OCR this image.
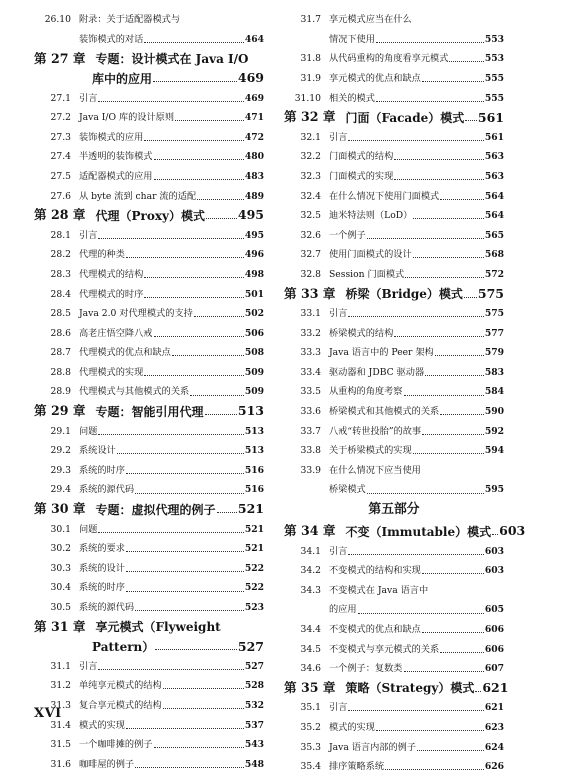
26.10 附录：关于适配器模式与
装饰模式的对话	464
第 27 章 专题：设计模式在 Java I/O
库中的应用	469
27.1 引言	469
27.2 Java I/O 库的设计原则	471
27.3 装饰模式的应用	472
27.4 半透明的装饰模式	480
27.5 适配器模式的应用	483
27.6 从 byte 流到 char 流的适配	489
第 28 章 代理（Proxy）模式	495
28.1 引言	495
28.2 代理的种类	496
28.3 代理模式的结构	498
28.4 代理模式的时序	501
28.5 Java 2.0 对代理模式的支持	502
28.6 高老庄悟空降八戒	506
28.7 代理模式的优点和缺点	508
28.8 代理模式的实现	509
28.9 代理模式与其他模式的关系	509
第 29 章 专题：智能引用代理	513
29.1 问题	513
29.2 系统设计	513
29.3 系统的时序	516
29.4 系统的源代码	516
第 30 章 专题：虚拟代理的例子 521
30.1 问题	521
30.2 系统的要求	521
30.3 系统的设计	522
30.4 系统的时序	522
30.5 系统的源代码	523
第 31 章 享元模式（Flyweight
Pattern）	527
31.1 引言	527
31.2 单纯享元模式的结构	528
31.3 复合享元模式的结构	532
31.4 模式的实现	537
31.5 一个咖啡摊的例子	543
31.6 咖啡屋的例子	548
31.7 享元模式应当在什么
情况下使用	553
31.8 从代码重构的角度看享元模式	553
31.9 享元模式的优点和缺点	555
31.10 相关的模式	555
第 32 章 门面（Facade）模式 561
32.1 引言	561
32.2 门面模式的结构	563
32.3 门面模式的实现	563
32.4 在什么情况下使用门面模式	564
32.5 迪米特法则（LoD）	564
32.6 一个例子	565
32.7 使用门面模式的设计	568
32.8 Session 门面模式	572
第 33 章 桥梁（Bridge）模式 575
33.1 引言	575
33.2 桥梁模式的结构	577
33.3 Java 语言中的 Peer 架构	579
33.4 驱动器和 JDBC 驱动器	583
33.5 从重构的角度考察	584
33.6 桥梁模式和其他模式的关系	590
33.7 八戒“转世投胎”的故事	592
33.8 关于桥梁模式的实现	594
33.9 在什么情况下应当使用
桥梁模式	595
第五部分
第 34 章 不变（Immutable）模式 603
34.1 引言	603
34.2 不变模式的结构和实现	603
34.3 不变模式在 Java 语言中
的应用	605
34.4 不变模式的优点和缺点	606
34.5 不变模式与享元模式的关系	606
34.6 一个例子：复数类	607
第 35 章 策略（Strategy）模式 621
35.1 引言	621
35.2 模式的实现	623
35.3 Java 语言内部的例子	624
35.4 排序策略系统	626
XVI
